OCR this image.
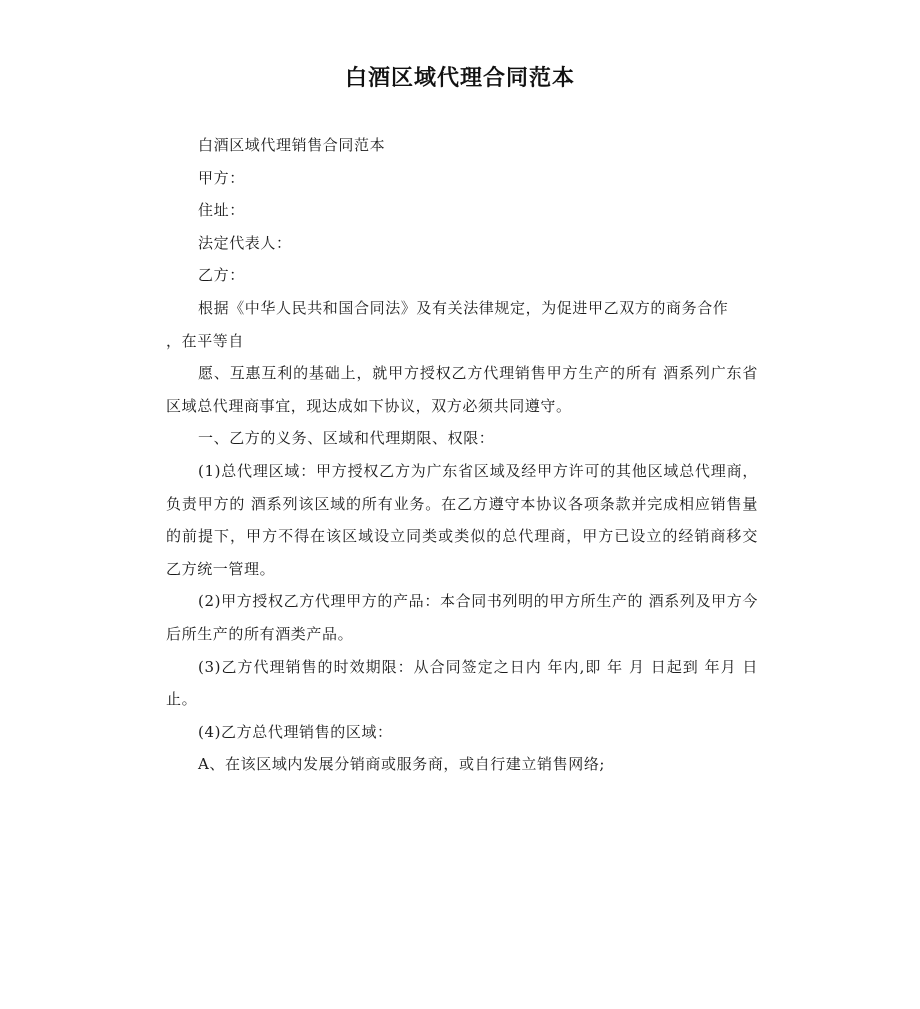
白酒区域代理合同范本

白酒区域代理销售合同范本

甲方：

住址：

法定代表人：

乙方：

根据《中华人民共和国合同法》及有关法律规定，为促进甲乙双方的商务合作

，在平等自

愿、互惠互利的基础上，就甲方授权乙方代理销售甲方生产的所有 酒系列广东省区域总代理商事宜，现达成如下协议，双方必须共同遵守。

一、乙方的义务、区域和代理期限、权限：

(1)总代理区域：甲方授权乙方为广东省区域及经甲方许可的其他区域总代理商，负责甲方的 酒系列该区域的所有业务。在乙方遵守本协议各项条款并完成相应销售量的前提下，甲方不得在该区域设立同类或类似的总代理商，甲方已设立的经销商移交乙方统一管理。

(2)甲方授权乙方代理甲方的产品：本合同书列明的甲方所生产的 酒系列及甲方今后所生产的所有酒类产品。

(3)乙方代理销售的时效期限：从合同签定之日内 年内,即 年 月 日起到 年月 日止。

(4)乙方总代理销售的区域：

A、在该区域内发展分销商或服务商，或自行建立销售网络;
